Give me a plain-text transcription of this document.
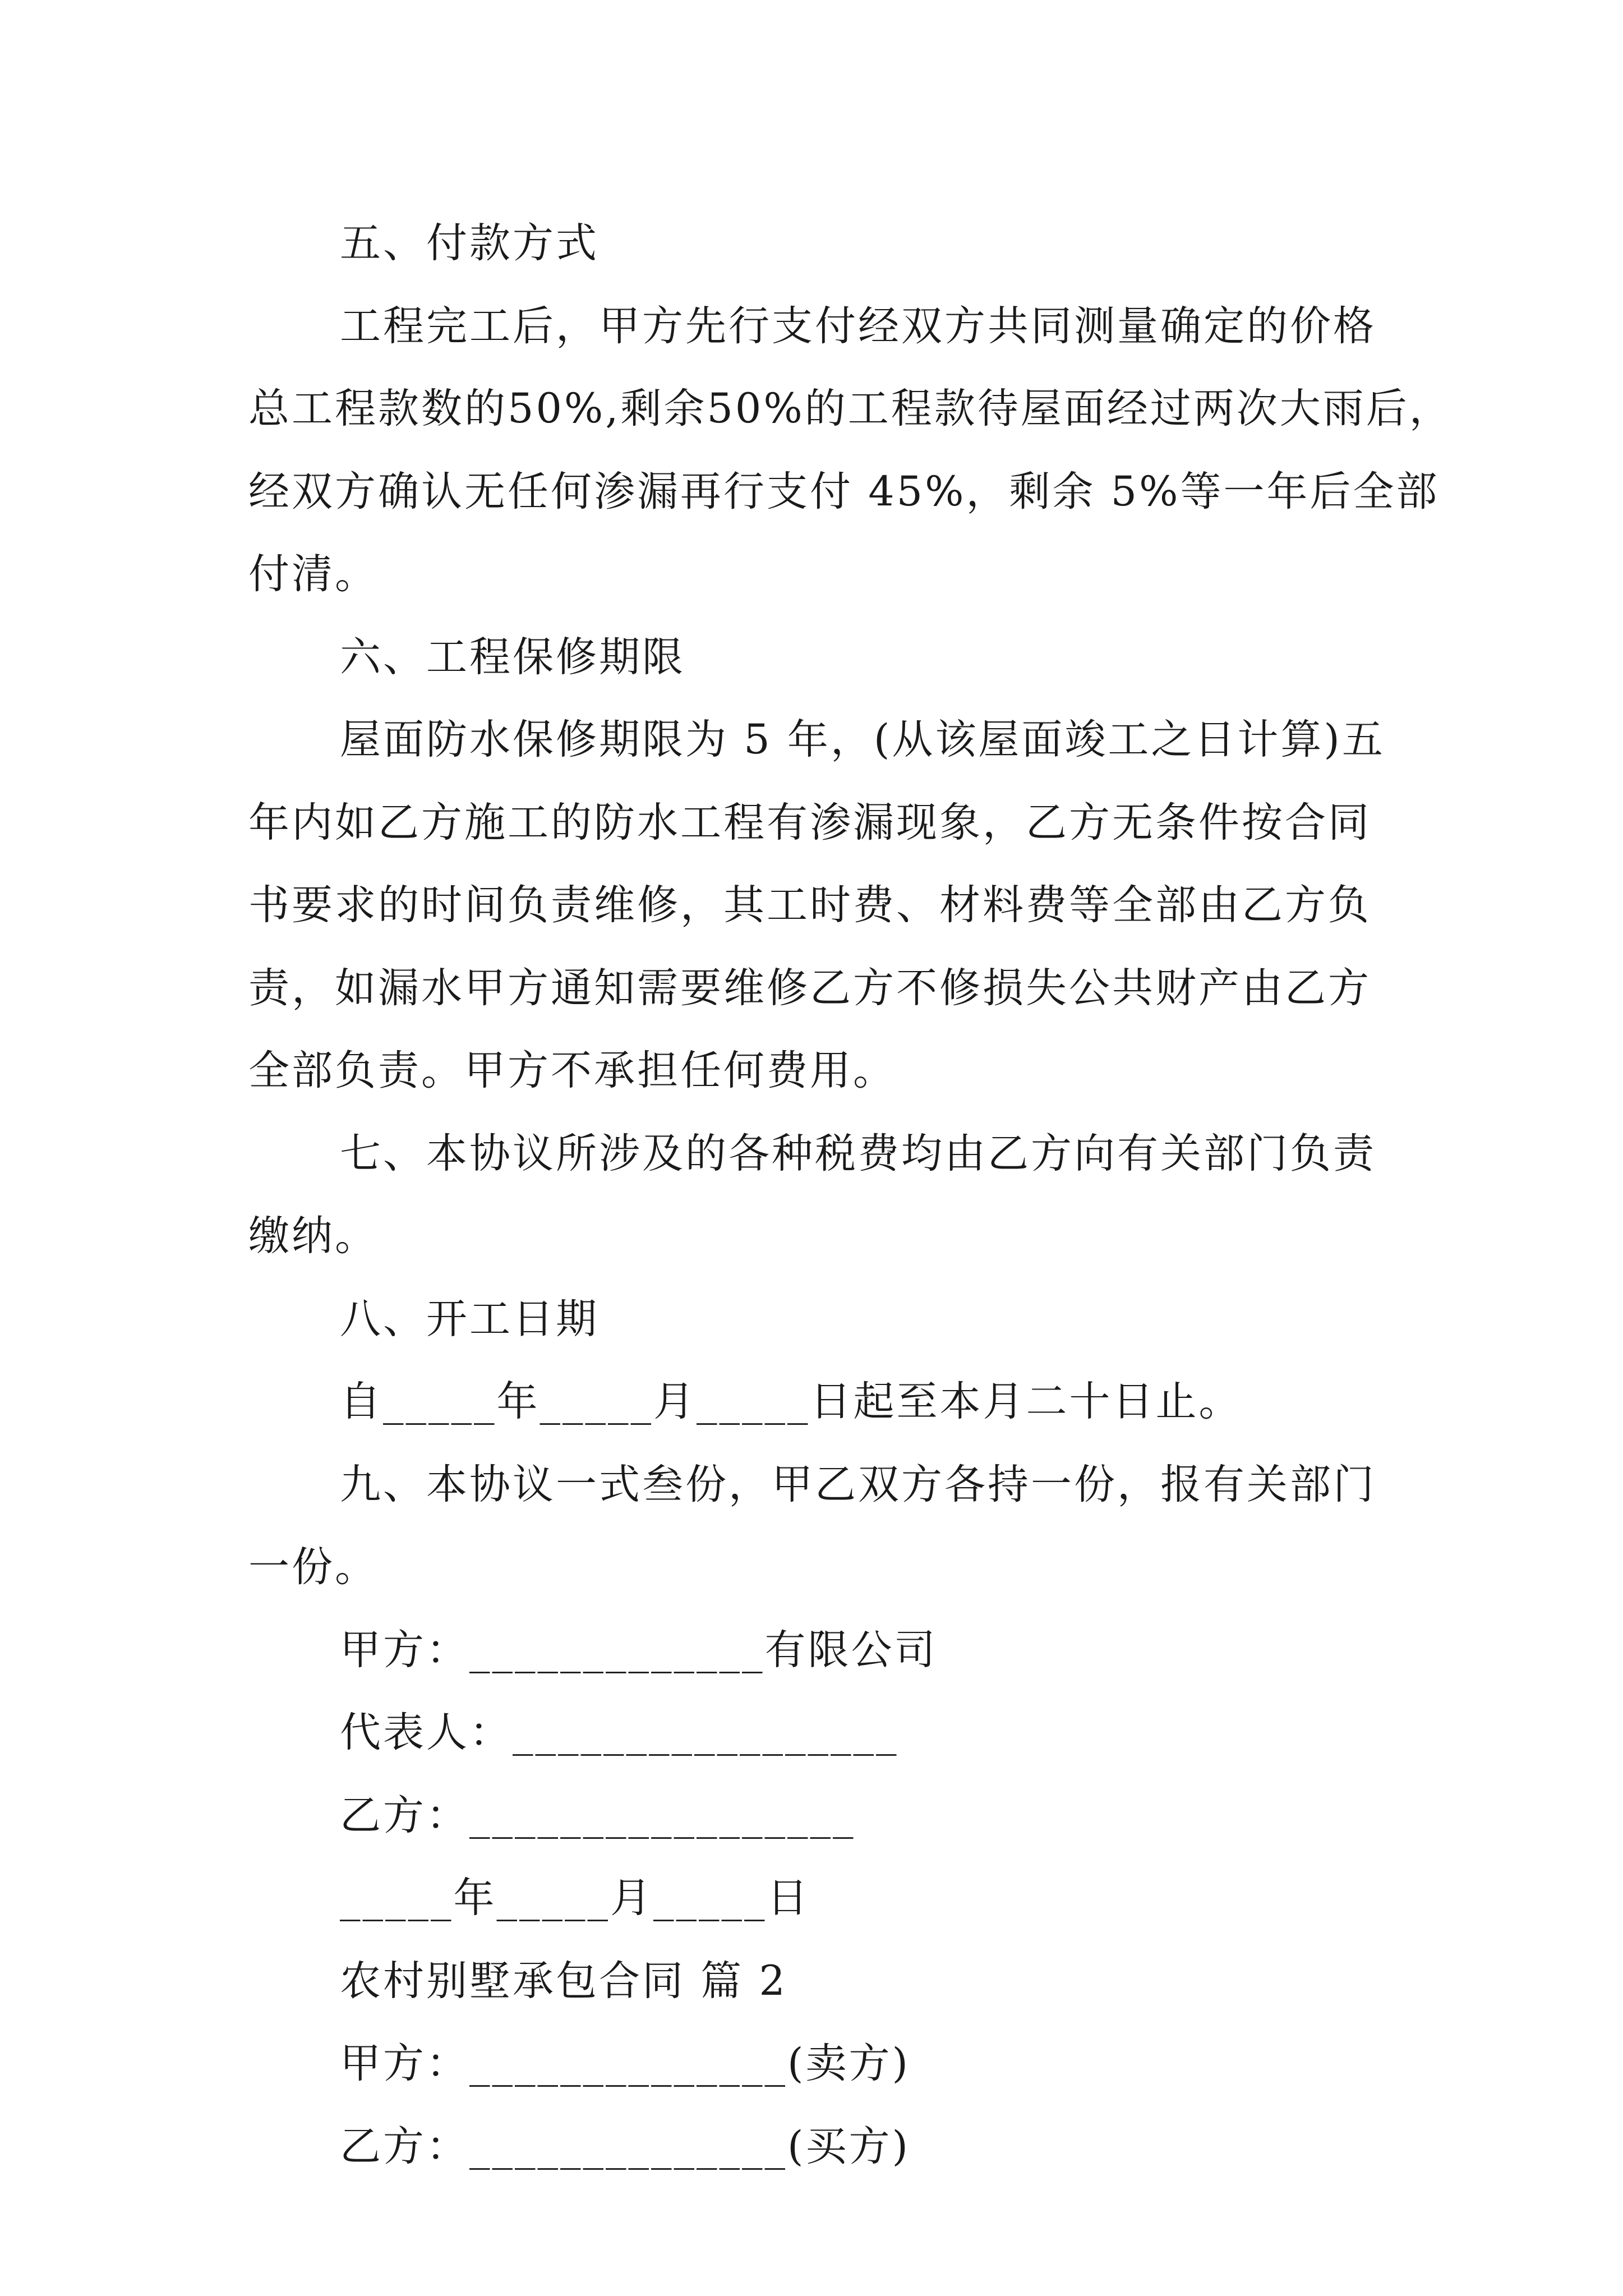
五、付款方式
工程完工后，甲方先行支付经双方共同测量确定的价格
总工程款数的50%,剩余50%的工程款待屋面经过两次大雨后，
经双方确认无任何渗漏再行支付 45%，剩余 5%等一年后全部
付清。
六、工程保修期限
屋面防水保修期限为 5 年，(从该屋面竣工之日计算)五
年内如乙方施工的防水工程有渗漏现象，乙方无条件按合同
书要求的时间负责维修，其工时费、材料费等全部由乙方负
责，如漏水甲方通知需要维修乙方不修损失公共财产由乙方
全部负责。甲方不承担任何费用。
七、本协议所涉及的各种税费均由乙方向有关部门负责
缴纳。
八、开工日期
自_____年_____月_____日起至本月二十日止。
九、本协议一式叁份，甲乙双方各持一份，报有关部门
一份。
甲方：_____________有限公司
代表人：_________________
乙方：_________________
_____年_____月_____日
农村别墅承包合同 篇 2
甲方：______________(卖方)
乙方：______________(买方)
